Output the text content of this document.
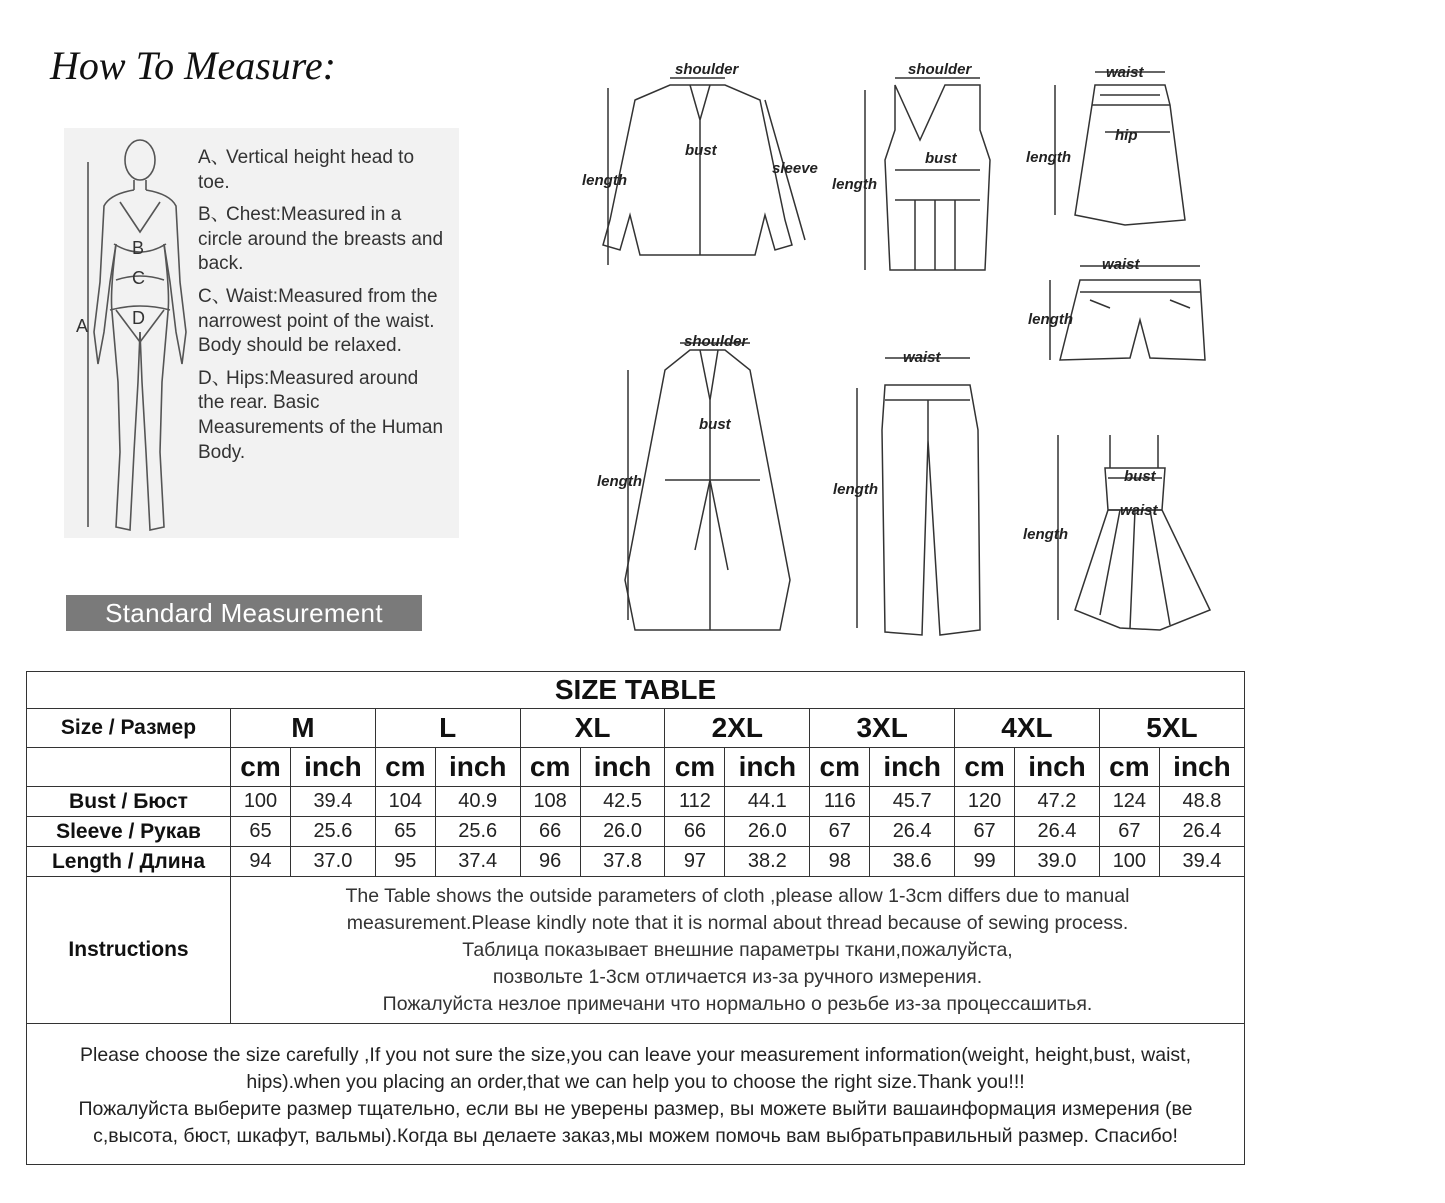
How To Measure:
B
C
D
A
A、Vertical height head to toe.
B、Chest:Measured in a circle around the breasts and back.
C、Waist:Measured from the narrowest point of the waist. Body should be relaxed.
D、Hips:Measured around the rear. Basic Measurements of the Human Body.
Standard Measurement
shoulder
bust
length
sleeve
shoulder
bust
length
waist
hip
length
waist
length
shoulder
bust
length
waist
length
bust
waist
length
SIZE TABLE														
Size / Размер	M		L		XL		2XL		3XL		4XL		5XL	
	cm	inch	cm	inch	cm	inch	cm	inch	cm	inch	cm	inch	cm	inch
Bust / Бюст	100	39.4	104	40.9	108	42.5	112	44.1	116	45.7	120	47.2	124	48.8
Sleeve / Рукав	65	25.6	65	25.6	66	26.0	66	26.0	67	26.4	67	26.4	67	26.4
Length / Длина	94	37.0	95	37.4	96	37.8	97	38.2	98	38.6	99	39.0	100	39.4
Instructions	The Table shows the outside parameters of cloth ,please allow 1-3cm differs due to manual
measurement.Please kindly note that it is normal about thread because of sewing process.
Таблица показывает внешние параметры ткани,пожалуйста,
позвольте 1-3см отличается из-за ручного измерения.
Пожалуйста незлое примечани что нормально о резьбе из-за процессашитья.													

Please choose the size carefully ,If you not sure the size,you can leave your measurement information(weight, height,bust, waist,
hips).when you placing an order,that we can help you to choose the right size.Thank you!!!
Пожалуйста выберите размер тщательно, если вы не уверены размер, вы можете выйти вашаинформация измерения (ве
с,высота, бюст, шкафут, вальмы).Когда вы делаете заказ,мы можем помочь вам выбратьправильный размер. Спасибо!														
